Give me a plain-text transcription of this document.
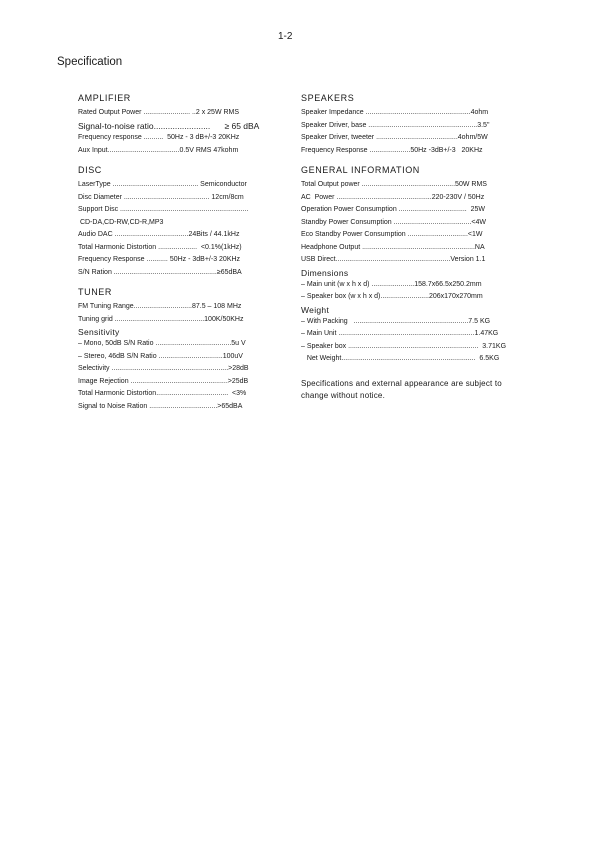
1-2
Specification
AMPLIFIER
Rated Output Power ........................ ..2 x 25W RMS
Signal-to-noise ratio........................      ≥ 65 dBA
Frequency response ..........  50Hz - 3 dB+/-3 20KHz
Aux Input.....................................0.5V RMS 47kohm
DISC
LaserType ............................................ Semiconductor
Disc Diameter ............................................ 12cm/8cm
Support Disc ..................................................................
CD-DA,CD-RW,CD-R,MP3
Audio DAC ......................................24Bits / 44.1kHz
Total Harmonic Distortion ....................  <0.1%(1kHz)
Frequency Response ........... 50Hz - 3dB+/-3 20KHz
S/N Ration .....................................................≥65dBA
TUNER
FM Tuning Range..............................87.5 – 108 MHz
Tuning grid ..............................................100K/50KHz
Sensitivity
– Mono, 50dB S/N Ratio .......................................5u V
– Stereo, 46dB S/N Ratio .................................100uV
Selectivity ............................................................>28dB
Image Rejection ..................................................>25dB
Total Harmonic Distortion.....................................  <3%
Signal to Noise Ration ...................................>65dBA
SPEAKERS
Speaker Impedance ......................................................4ohm
Speaker Driver, base ........................................................3.5"
Speaker Driver, tweeter ..........................................4ohm/5W
Frequency Response .....................50Hz -3dB+/-3   20KHz
GENERAL INFORMATION
Total Output power ................................................50W RMS
AC  Power .................................................220-230V / 50Hz
Operation Power Consumption ...................................  25W
Standby Power Consumption ........................................<4W
Eco Standby Power Consumption ...............................<1W
Headphone Output ..........................................................NA
USB Direct...........................................................Version 1.1
Dimensions
– Main unit (w x h x d) ......................158.7x66.5x250.2mm
– Speaker box (w x h x d).........................206x170x270mm
Weight
– With Packing   ...........................................................7.5 KG
– Main Unit ......................................................................1.47KG
– Speaker box ...................................................................  3.71KG
Net Weight.....................................................................  6.5KG
Specifications and external appearance are subject to change without notice.
